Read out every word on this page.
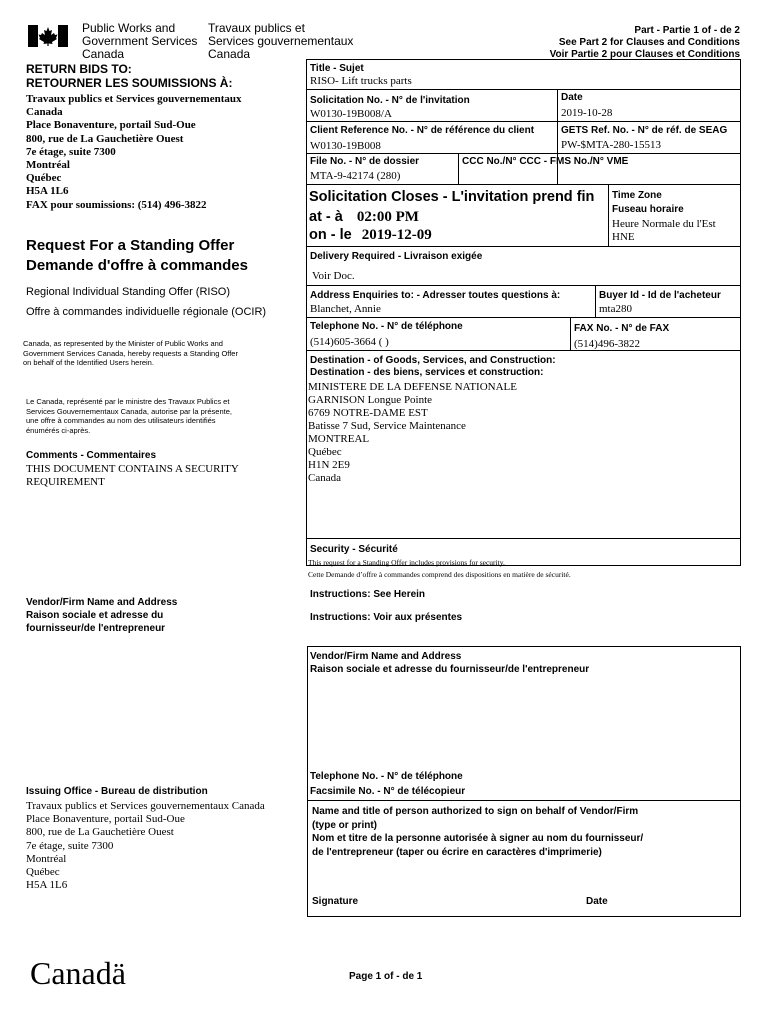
Public Works and
Government Services
Canada
Travaux publics et
Services gouvernementaux
Canada
Part - Partie 1 of - de 2
See Part 2 for Clauses and Conditions
Voir Partie 2 pour Clauses et Conditions
RETURN BIDS TO:
RETOURNER LES SOUMISSIONS À:
Travaux publics et Services gouvernementaux
Canada
Place Bonaventure, portail Sud-Oue
800, rue de La Gauchetière Ouest
7e étage, suite 7300
Montréal
Québec
H5A 1L6
FAX pour soumissions: (514) 496-3822
Request For a Standing Offer
Demande d'offre à commandes
Regional Individual Standing Offer (RISO)
Offre à commandes individuelle régionale (OCIR)
Canada, as represented by the Minister of Public Works and
Government Services Canada, hereby requests a Standing Offer
on behalf of the Identified Users herein.
Le Canada, représenté par le ministre des Travaux Publics et
Services Gouvernementaux Canada, autorise par la présente,
une offre à commandes au nom des utilisateurs identifiés
énumérés ci-après.
Comments - Commentaires
THIS DOCUMENT CONTAINS A SECURITY
REQUIREMENT
Vendor/Firm Name and Address
Raison sociale et adresse du
fournisseur/de l'entrepreneur
Issuing Office - Bureau de distribution
Travaux publics et Services gouvernementaux Canada
Place Bonaventure, portail Sud-Oue
800, rue de La Gauchetière Ouest
7e étage, suite 7300
Montréal
Québec
H5A 1L6
Title - Sujet
RISO- Lift trucks parts
Solicitation No. - N° de l'invitation
W0130-19B008/A
Date
2019-10-28
Client Reference No. - N° de référence du client
W0130-19B008
GETS Ref. No. - N° de réf. de SEAG
PW-$MTA-280-15513
File No. - N° de dossier
MTA-9-42174 (280)
CCC No./N° CCC - FMS No./N° VME
Solicitation Closes - L'invitation prend fin
at - à 02:00 PM
on - le 2019-12-09
Time Zone
Fuseau horaire
Heure Normale du l'Est
HNE
Delivery Required - Livraison exigée
Voir Doc.
Address Enquiries to: - Adresser toutes questions à:
Blanchet, Annie
Buyer Id - Id de l'acheteur
mta280
Telephone No. - N° de téléphone
(514)605-3664 ( )
FAX No. - N° de FAX
(514)496-3822
Destination - of Goods, Services, and Construction:
Destination - des biens, services et construction:
MINISTERE DE LA DEFENSE NATIONALE
GARNISON Longue Pointe
6769 NOTRE-DAME EST
Batisse 7 Sud, Service Maintenance
MONTREAL
Québec
H1N 2E9
Canada
Security - Sécurité
This request for a Standing Offer includes provisions for security.
Cette Demande d’offre à commandes comprend des dispositions en matière de sécurité.
Instructions: See Herein
Instructions: Voir aux présentes
Vendor/Firm Name and Address
Raison sociale et adresse du fournisseur/de l'entrepreneur
Telephone No. - N° de téléphone
Facsimile No. - N° de télécopieur
Name and title of person authorized to sign on behalf of Vendor/Firm
(type or print)
Nom et titre de la personne autorisée à signer au nom du fournisseur/
de l'entrepreneur (taper ou écrire en caractères d'imprimerie)
Signature	Date
Canadä	Page 1 of - de 1
